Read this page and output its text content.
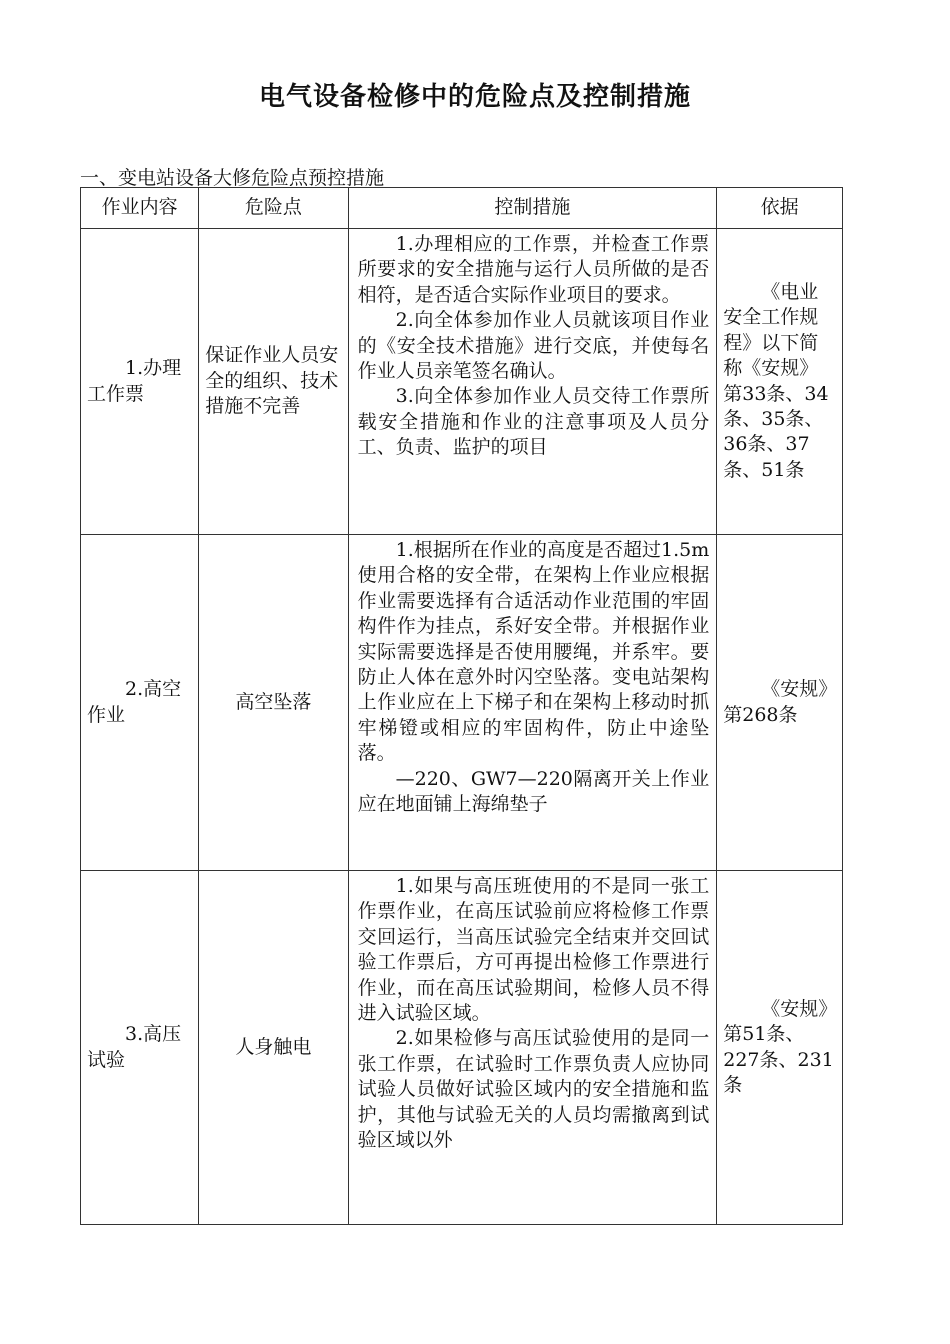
电气设备检修中的危险点及控制措施
一、变电站设备大修危险点预控措施
作业内容	危险点	控制措施	依据

1.办理工作票	保证作业人员安全的组织、技术措施不完善	1.办理相应的工作票，并检查工作票所要求的安全措施与运行人员所做的是否相符，是否适合实际作业项目的要求。
2.向全体参加作业人员就该项目作业的《安全技术措施》进行交底，并使每名作业人员亲笔签名确认。
3.向全体参加作业人员交待工作票所载安全措施和作业的注意事项及人员分工、负责、监护的项目	《电业安全工作规程》以下简称《安规》第33条、34条、35条、36条、37条、51条

2.高空作业	高空坠落	1.根据所在作业的高度是否超过1.5m使用合格的安全带，在架构上作业应根据作业需要选择有合适活动作业范围的牢固构件作为挂点，系好安全带。并根据作业实际需要选择是否使用腰绳，并系牢。要防止人体在意外时闪空坠落。变电站架构上作业应在上下梯子和在架构上移动时抓牢梯镫或相应的牢固构件，防止中途坠落。
—220、GW7—220隔离开关上作业应在地面铺上海绵垫子	《安规》第268条

3.高压试验	人身触电	1.如果与高压班使用的不是同一张工作票作业，在高压试验前应将检修工作票交回运行，当高压试验完全结束并交回试验工作票后，方可再提出检修工作票进行作业，而在高压试验期间，检修人员不得进入试验区域。
2.如果检修与高压试验使用的是同一张工作票，在试验时工作票负责人应协同试验人员做好试验区域内的安全措施和监护，其他与试验无关的人员均需撤离到试验区域以外	《安规》第51条、227条、231条
